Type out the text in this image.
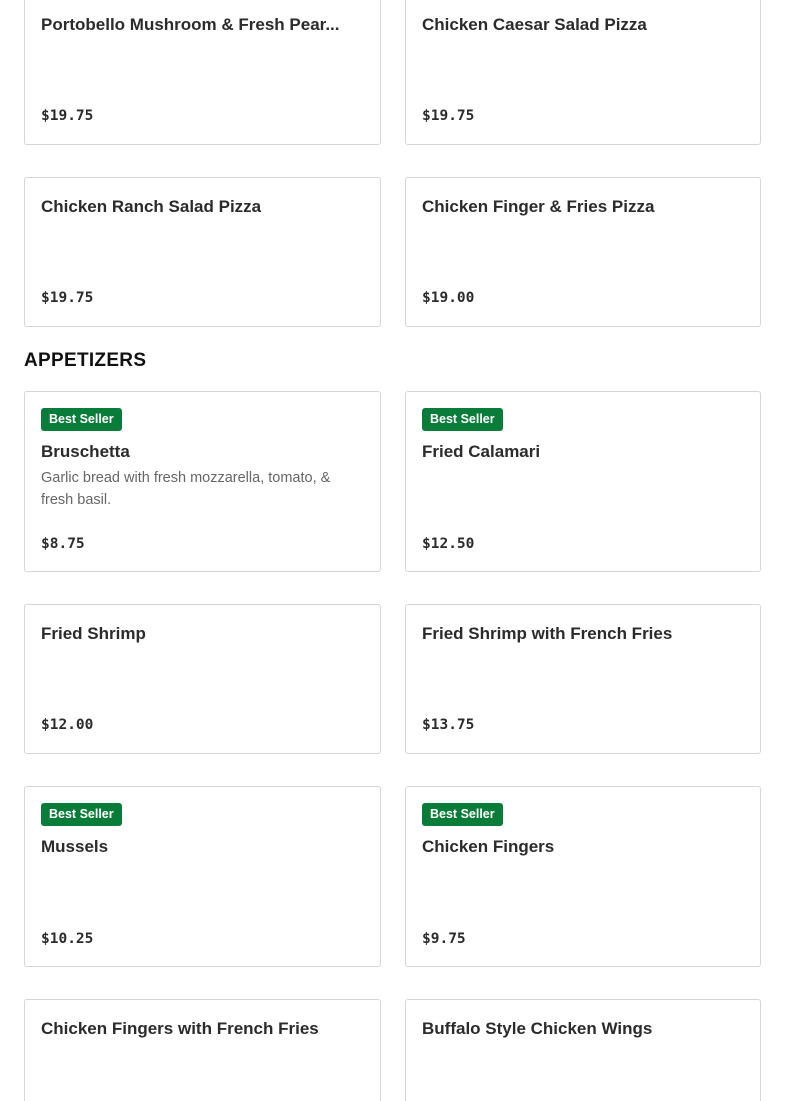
Portobello Mushroom & Fresh Pear...
$19.75
Chicken Caesar Salad Pizza
$19.75
Chicken Ranch Salad Pizza
$19.75
Chicken Finger & Fries Pizza
$19.00
APPETIZERS
Best Seller
Bruschetta
Garlic bread with fresh mozzarella, tomato, & fresh basil.
$8.75
Best Seller
Fried Calamari
$12.50
Fried Shrimp
$12.00
Fried Shrimp with French Fries
$13.75
Best Seller
Mussels
$10.25
Best Seller
Chicken Fingers
$9.75
Chicken Fingers with French Fries	Buffalo Style Chicken Wings
